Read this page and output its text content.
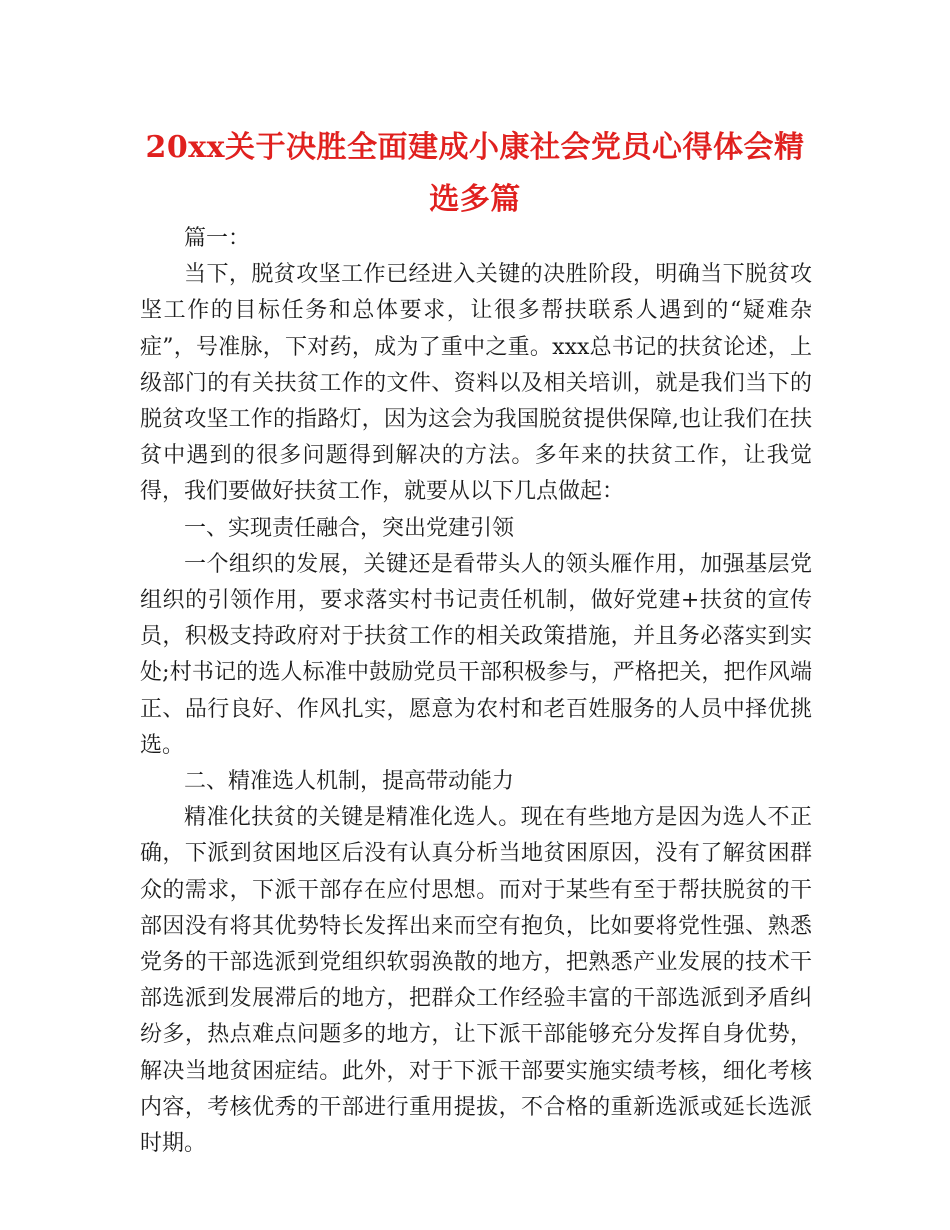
20xx关于决胜全面建成小康社会党员心得体会精选多篇

篇一：

当下，脱贫攻坚工作已经进入关键的决胜阶段，明确当下脱贫攻坚工作的目标任务和总体要求，让很多帮扶联系人遇到的“疑难杂症”，号准脉，下对药，成为了重中之重。xxx总书记的扶贫论述，上级部门的有关扶贫工作的文件、资料以及相关培训，就是我们当下的脱贫攻坚工作的指路灯，因为这会为我国脱贫提供保障,也让我们在扶贫中遇到的很多问题得到解决的方法。多年来的扶贫工作，让我觉得，我们要做好扶贫工作，就要从以下几点做起：

一、实现责任融合，突出党建引领

一个组织的发展，关键还是看带头人的领头雁作用，加强基层党组织的引领作用，要求落实村书记责任机制，做好党建+扶贫的宣传员，积极支持政府对于扶贫工作的相关政策措施，并且务必落实到实处;村书记的选人标准中鼓励党员干部积极参与，严格把关，把作风端正、品行良好、作风扎实，愿意为农村和老百姓服务的人员中择优挑选。

二、精准选人机制，提高带动能力

精准化扶贫的关键是精准化选人。现在有些地方是因为选人不正确，下派到贫困地区后没有认真分析当地贫困原因，没有了解贫困群众的需求，下派干部存在应付思想。而对于某些有至于帮扶脱贫的干部因没有将其优势特长发挥出来而空有抱负，比如要将党性强、熟悉党务的干部选派到党组织软弱涣散的地方，把熟悉产业发展的技术干部选派到发展滞后的地方，把群众工作经验丰富的干部选派到矛盾纠纷多，热点难点问题多的地方，让下派干部能够充分发挥自身优势，解决当地贫困症结。此外，对于下派干部要实施实绩考核，细化考核内容，考核优秀的干部进行重用提拔，不合格的重新选派或延长选派时期。
